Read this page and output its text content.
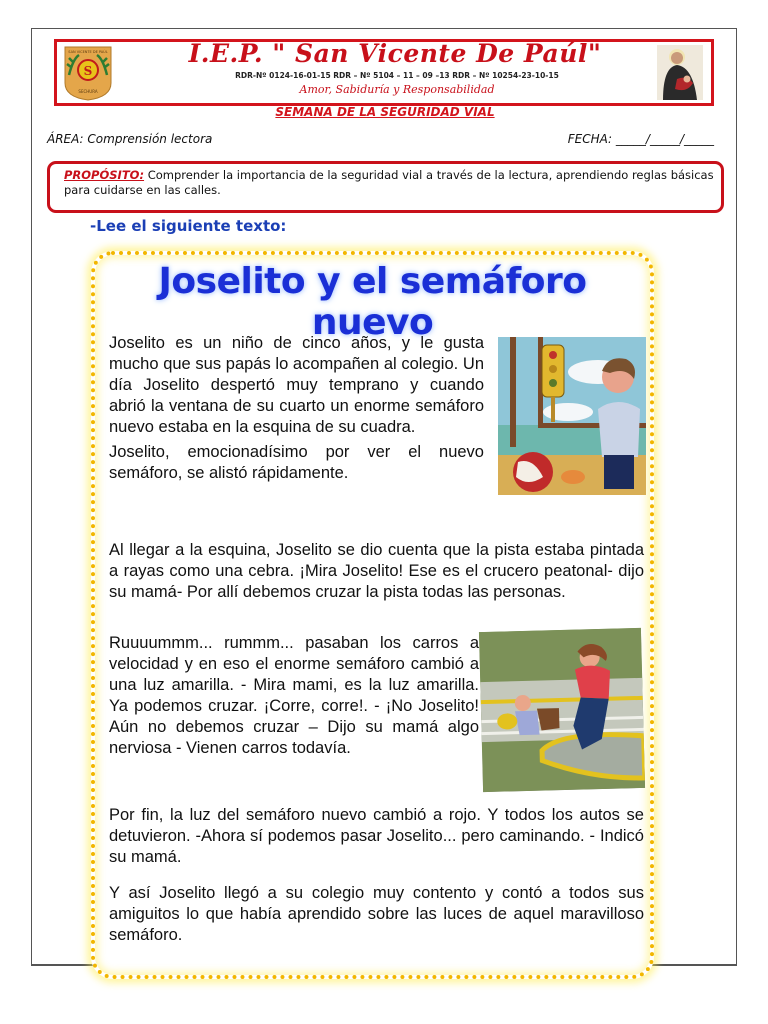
S
SAN VICENTE DE PAÚL
SECHURA
I.E.P. " San Vicente De Paúl"
RDR-Nº 0124-16-01-15 RDR – Nº 5104 – 11 – 09 –13 RDR – Nº 10254-23-10-15
Amor, Sabiduría y Responsabilidad
SEMANA DE LA SEGURIDAD VIAL
ÁREA: Comprensión lectora	FECHA: _____/_____/_____
PROPÓSITO: Comprender la importancia de la seguridad vial a través de la lectura, aprendiendo reglas básicas para cuidarse en las calles.
-Lee el siguiente texto:
Joselito y el semáforo nuevo
Joselito es un niño de cinco años, y le gusta mucho que sus papás lo acompañen al colegio. Un día Joselito despertó muy temprano y cuando abrió la ventana de su cuarto un enorme semáforo nuevo estaba en la esquina de su cuadra.
Joselito, emocionadísimo por ver el nuevo semáforo, se alistó rápidamente.
Al llegar a la esquina, Joselito se dio cuenta que la pista estaba pintada a rayas como una cebra. ¡Mira Joselito! Ese es el crucero peatonal- dijo su mamá- Por allí debemos cruzar la pista todas las personas.
Ruuuummm... rummm... pasaban los carros a velocidad y en eso el enorme semáforo cambió a una luz amarilla. - Mira mami, es la luz amarilla. Ya podemos cruzar. ¡Corre, corre!. - ¡No Joselito! Aún no debemos cruzar – Dijo su mamá algo nerviosa - Vienen carros todavía.
Por fin, la luz del semáforo nuevo cambió a rojo. Y todos los autos se detuvieron. -Ahora sí podemos pasar Joselito... pero caminando. - Indicó su mamá.
Y así Joselito llegó a su colegio muy contento y contó a todos sus amiguitos lo que había aprendido sobre las luces de aquel maravilloso semáforo.
